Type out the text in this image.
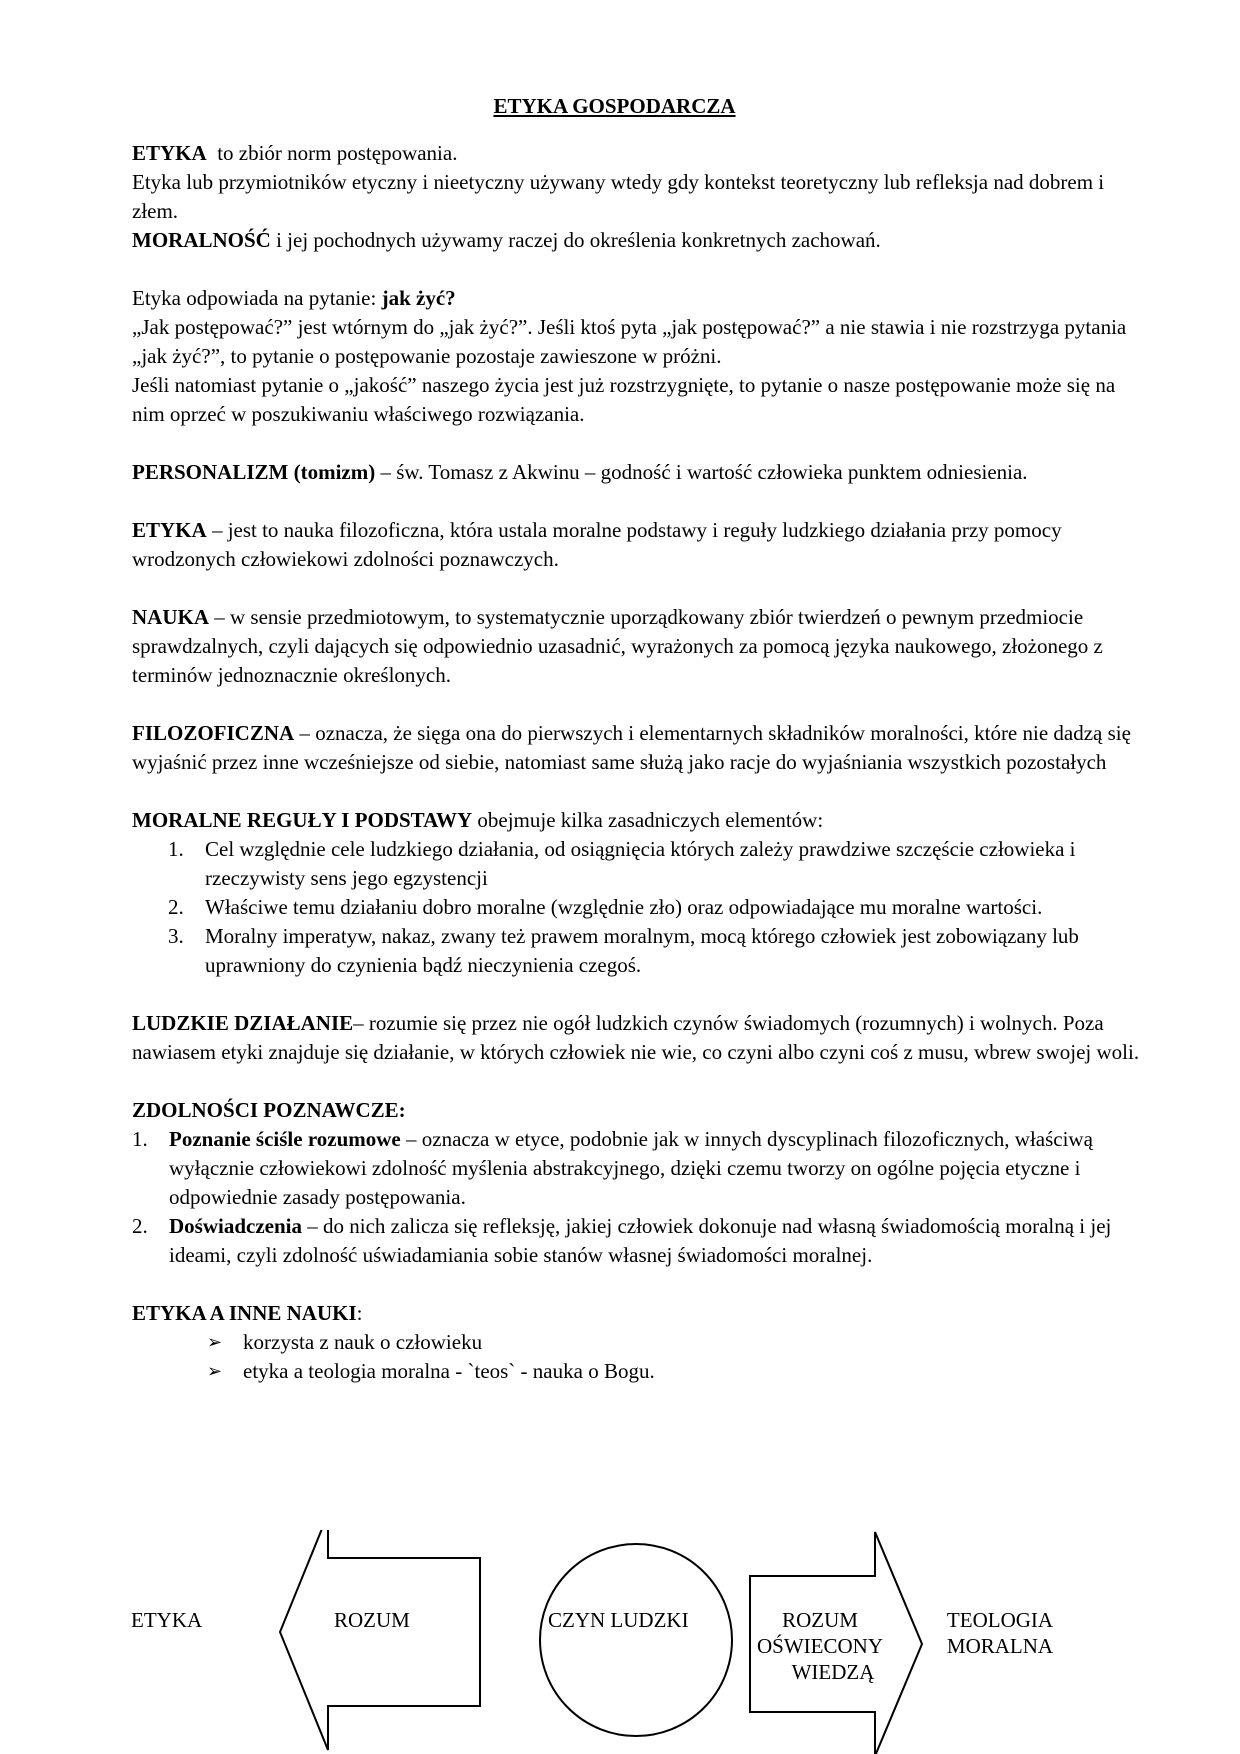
ETYKA GOSPODARCZA

ETYKA  to zbiór norm postępowania.

Etyka lub przymiotników etyczny i nieetyczny używany wtedy gdy kontekst teoretyczny lub refleksja nad dobrem i złem.

MORALNOŚĆ i jej pochodnych używamy raczej do określenia konkretnych zachowań.

Etyka odpowiada na pytanie: jak żyć?

„Jak postępować?” jest wtórnym do „jak żyć?”. Jeśli ktoś pyta „jak postępować?” a nie stawia i nie rozstrzyga pytania „jak żyć?”, to pytanie o postępowanie pozostaje zawieszone w próżni.

Jeśli natomiast pytanie o „jakość” naszego życia jest już rozstrzygnięte, to pytanie o nasze postępowanie może się na nim oprzeć w poszukiwaniu właściwego rozwiązania.

PERSONALIZM (tomizm) – św. Tomasz z Akwinu – godność i wartość człowieka punktem odniesienia.

ETYKA – jest to nauka filozoficzna, która ustala moralne podstawy i reguły ludzkiego działania przy pomocy wrodzonych człowiekowi zdolności poznawczych.

NAUKA – w sensie przedmiotowym, to systematycznie uporządkowany zbiór twierdzeń o pewnym przedmiocie sprawdzalnych, czyli dających się odpowiednio uzasadnić, wyrażonych za pomocą języka naukowego, złożonego z terminów jednoznacznie określonych.

FILOZOFICZNA – oznacza, że sięga ona do pierwszych i elementarnych składników moralności, które nie dadzą się wyjaśnić przez inne wcześniejsze od siebie, natomiast same służą jako racje do wyjaśniania wszystkich pozostałych

MORALNE REGUŁY I PODSTAWY obejmuje kilka zasadniczych elementów:

1. Cel względnie cele ludzkiego działania, od osiągnięcia których zależy prawdziwe szczęście człowieka i rzeczywisty sens jego egzystencji
2. Właściwe temu działaniu dobro moralne (względnie zło) oraz odpowiadające mu moralne wartości.
3. Moralny imperatyw, nakaz, zwany też prawem moralnym, mocą którego człowiek jest zobowiązany lub uprawniony do czynienia bądź nieczynienia czegoś.

LUDZKIE DZIAŁANIE– rozumie się przez nie ogół ludzkich czynów świadomych (rozumnych) i wolnych. Poza nawiasem etyki znajduje się działanie, w których człowiek nie wie, co czyni albo czyni coś z musu, wbrew swojej woli.

ZDOLNOŚCI POZNAWCZE:

1. Poznanie ściśle rozumowe – oznacza w etyce, podobnie jak w innych dyscyplinach filozoficznych, właściwą wyłącznie człowiekowi zdolność myślenia abstrakcyjnego, dzięki czemu tworzy on ogólne pojęcia etyczne i odpowiednie zasady postępowania.
2. Doświadczenia – do nich zalicza się refleksję, jakiej człowiek dokonuje nad własną świadomością moralną i jej ideami, czyli zdolność uświadamiania sobie stanów własnej świadomości moralnej.

ETYKA A INNE NAUKI:

➢ korzysta z nauk o człowieku
➢ etyka a teologia moralna - `teos` - nauka o Bogu.
ETYKA	ROZUM	CZYN LUDZKI	ROZUM
OŚWIECONY
WIEDZĄ
TEOLOGIA
MORALNA
